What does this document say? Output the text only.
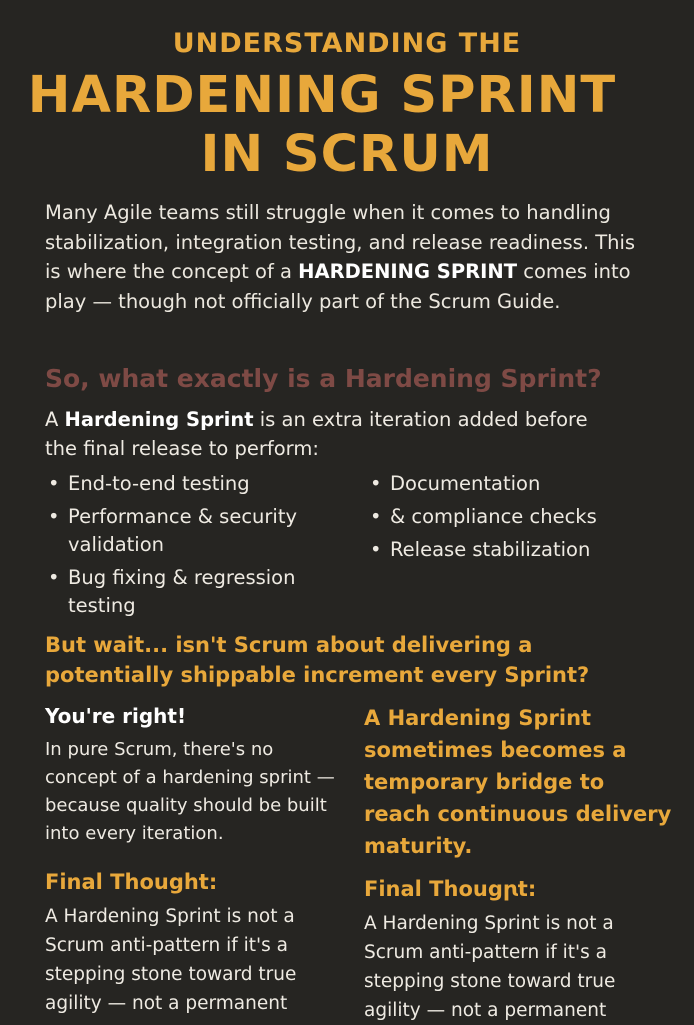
UNDERSTANDING THE
HARDENING SPRINT
IN SCRUM
Many Agile teams still struggle when it comes to handling stabilization, integration testing, and release readiness. This is where the concept of a HARDENING SPRINT comes into play — though not officially part of the Scrum Guide.
So, what exactly is a Hardening Sprint?
A Hardening Sprint is an extra iteration added before the final release to perform:
• End-to-end testing
• Performance & security validation
• Bug fixing & regression testing
• Documentation
• & compliance checks
• Release stabilization
But wait... isn't Scrum about delivering a potentially shippable increment every Sprint?
You're right!
In pure Scrum, there's no concept of a hardening sprint — because quality should be built into every iteration.
A Hardening Sprint sometimes becomes a temporary bridge to reach continuous delivery maturity.
Final Thought:
A Hardening Sprint is not a Scrum anti-pattern if it's a stepping stone toward true agility — not a permanent
Final Thougꞃt:
A Hardening Sprint is not a Scrum anti-pattern if it's a stepping stone toward true agility — not a permanent
